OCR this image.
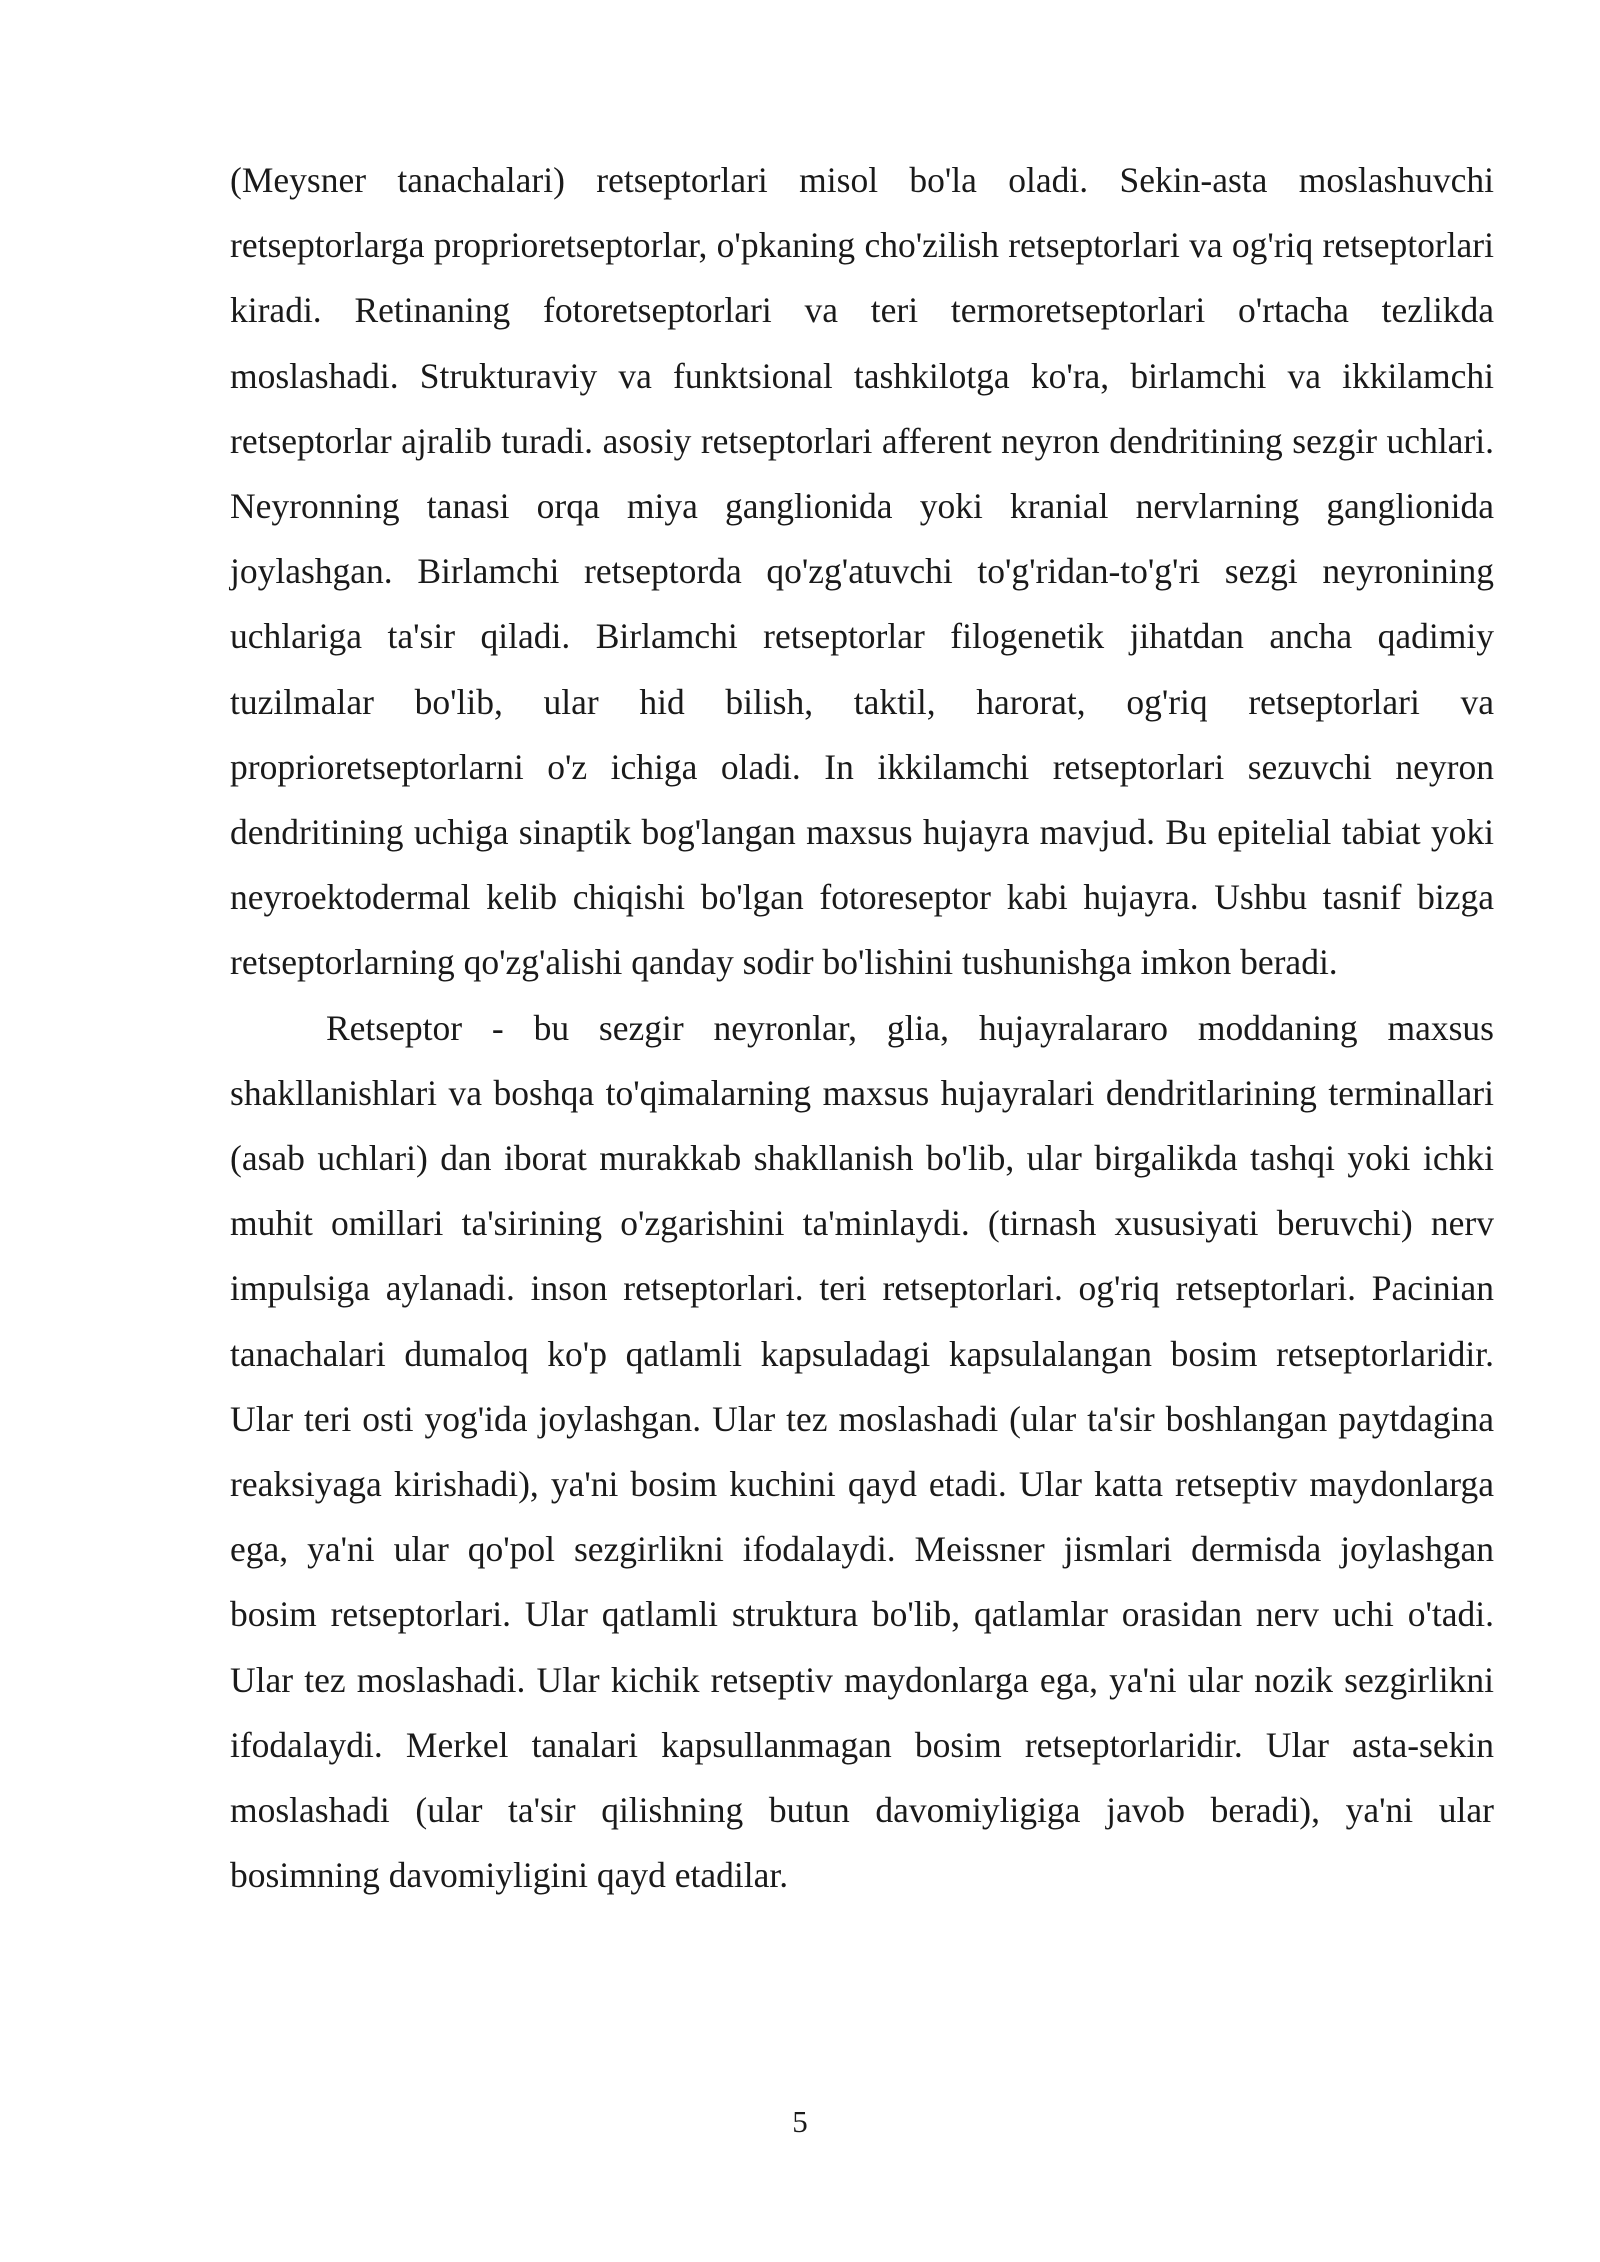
(Meysner tanachalari) retseptorlari misol bo'la oladi. Sekin-asta moslashuvchi retseptorlarga proprioretseptorlar, o'pkaning cho'zilish retseptorlari va og'riq retseptorlari kiradi. Retinaning fotoretseptorlari va teri termoretseptorlari o'rtacha tezlikda moslashadi. Strukturaviy va funktsional tashkilotga ko'ra, birlamchi va ikkilamchi retseptorlar ajralib turadi. asosiy retseptorlari afferent neyron dendritining sezgir uchlari. Neyronning tanasi orqa miya ganglionida yoki kranial nervlarning ganglionida joylashgan. Birlamchi retseptorda qo'zg'atuvchi to'g'ridan-to'g'ri sezgi neyronining uchlariga ta'sir qiladi. Birlamchi retseptorlar filogenetik jihatdan ancha qadimiy tuzilmalar bo'lib, ular hid bilish, taktil, harorat, og'riq retseptorlari va proprioretseptorlarni o'z ichiga oladi. In ikkilamchi retseptorlari sezuvchi neyron dendritining uchiga sinaptik bog'langan maxsus hujayra mavjud. Bu epitelial tabiat yoki neyroektodermal kelib chiqishi bo'lgan fotoreseptor kabi hujayra. Ushbu tasnif bizga retseptorlarning qo'zg'alishi qanday sodir bo'lishini tushunishga imkon beradi.

Retseptor - bu sezgir neyronlar, glia, hujayralararo moddaning maxsus shakllanishlari va boshqa to'qimalarning maxsus hujayralari dendritlarining terminallari (asab uchlari) dan iborat murakkab shakllanish bo'lib, ular birgalikda tashqi yoki ichki muhit omillari ta'sirining o'zgarishini ta'minlaydi. (tirnash xususiyati beruvchi) nerv impulsiga aylanadi. inson retseptorlari. teri retseptorlari. og'riq retseptorlari. Pacinian tanachalari dumaloq ko'p qatlamli kapsuladagi kapsulalangan bosim retseptorlaridir. Ular teri osti yog'ida joylashgan. Ular tez moslashadi (ular ta'sir boshlangan paytdagina reaksiyaga kirishadi), ya'ni bosim kuchini qayd etadi. Ular katta retseptiv maydonlarga ega, ya'ni ular qo'pol sezgirlikni ifodalaydi. Meissner jismlari dermisda joylashgan bosim retseptorlari. Ular qatlamli struktura bo'lib, qatlamlar orasidan nerv uchi o'tadi. Ular tez moslashadi. Ular kichik retseptiv maydonlarga ega, ya'ni ular nozik sezgirlikni ifodalaydi. Merkel tanalari kapsullanmagan bosim retseptorlaridir. Ular asta-sekin moslashadi (ular ta'sir qilishning butun davomiyligiga javob beradi), ya'ni ular bosimning davomiyligini qayd etadilar.

5
